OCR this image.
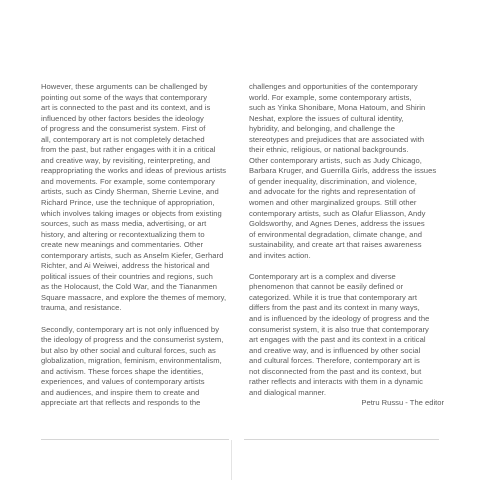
However, these arguments can be challenged by
pointing out some of the ways that contemporary
art is connected to the past and its context, and is
influenced by other factors besides the ideology
of progress and the consumerist system. First of
all, contemporary art is not completely detached
from the past, but rather engages with it in a critical
and creative way, by revisiting, reinterpreting, and
reappropriating the works and ideas of previous artists
and movements. For example, some contemporary
artists, such as Cindy Sherman, Sherrie Levine, and
Richard Prince, use the technique of appropriation,
which involves taking images or objects from existing
sources, such as mass media, advertising, or art
history, and altering or recontextualizing them to
create new meanings and commentaries. Other
contemporary artists, such as Anselm Kiefer, Gerhard
Richter, and Ai Weiwei, address the historical and
political issues of their countries and regions, such
as the Holocaust, the Cold War, and the Tiananmen
Square massacre, and explore the themes of memory,
trauma, and resistance.
Secondly, contemporary art is not only influenced by
the ideology of progress and the consumerist system,
but also by other social and cultural forces, such as
globalization, migration, feminism, environmentalism,
and activism. These forces shape the identities,
experiences, and values of contemporary artists
and audiences, and inspire them to create and
appreciate art that reflects and responds to the
challenges and opportunities of the contemporary
world. For example, some contemporary artists,
such as Yinka Shonibare, Mona Hatoum, and Shirin
Neshat, explore the issues of cultural identity,
hybridity, and belonging, and challenge the
stereotypes and prejudices that are associated with
their ethnic, religious, or national backgrounds.
Other contemporary artists, such as Judy Chicago,
Barbara Kruger, and Guerrilla Girls, address the issues
of gender inequality, discrimination, and violence,
and advocate for the rights and representation of
women and other marginalized groups. Still other
contemporary artists, such as Olafur Eliasson, Andy
Goldsworthy, and Agnes Denes, address the issues
of environmental degradation, climate change, and
sustainability, and create art that raises awareness
and invites action.
Contemporary art is a complex and diverse
phenomenon that cannot be easily defined or
categorized. While it is true that contemporary art
differs from the past and its context in many ways,
and is influenced by the ideology of progress and the
consumerist system, it is also true that contemporary
art engages with the past and its context in a critical
and creative way, and is influenced by other social
and cultural forces. Therefore, contemporary art is
not disconnected from the past and its context, but
rather reflects and interacts with them in a dynamic
and dialogical manner.
Petru Russu - The editor
